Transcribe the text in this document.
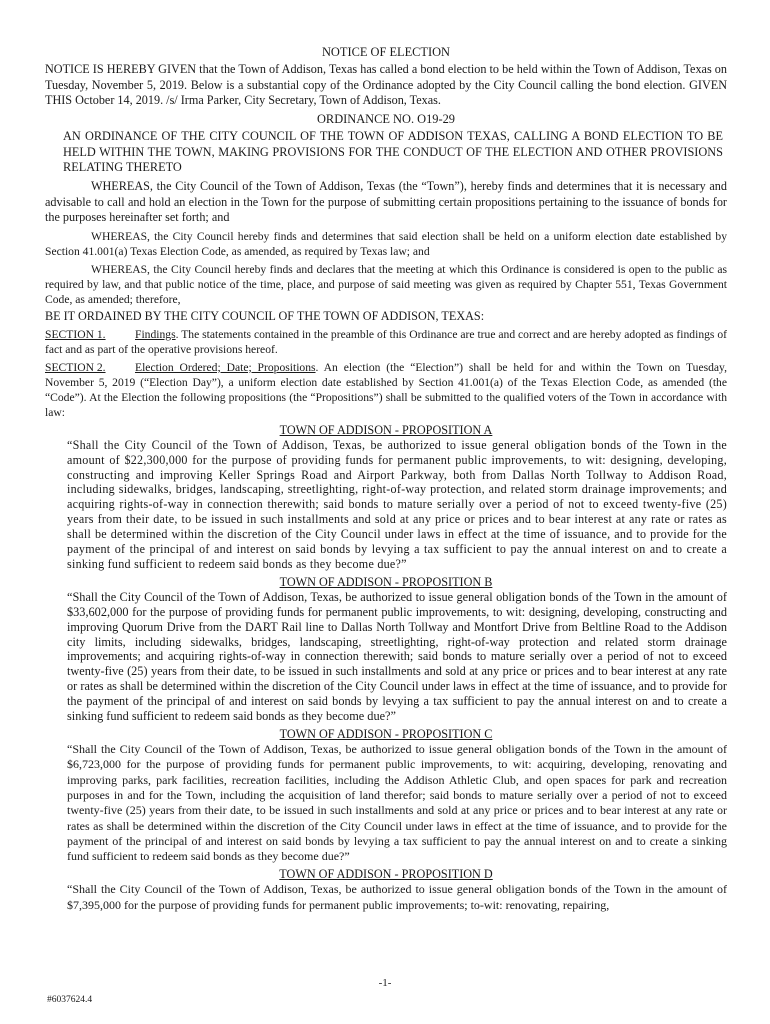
NOTICE OF ELECTION

NOTICE IS HEREBY GIVEN that the Town of Addison, Texas has called a bond election to be held within the Town of Addison, Texas on Tuesday, November 5, 2019. Below is a substantial copy of the Ordinance adopted by the City Council calling the bond election. GIVEN THIS October 14, 2019. /s/ Irma Parker, City Secretary, Town of Addison, Texas.

ORDINANCE NO. O19-29

AN ORDINANCE OF THE CITY COUNCIL OF THE TOWN OF ADDISON TEXAS, CALLING A BOND ELECTION TO BE HELD WITHIN THE TOWN, MAKING PROVISIONS FOR THE CONDUCT OF THE ELECTION AND OTHER PROVISIONS RELATING THERETO

WHEREAS, the City Council of the Town of Addison, Texas (the “Town”), hereby finds and determines that it is necessary and advisable to call and hold an election in the Town for the purpose of submitting certain propositions pertaining to the issuance of bonds for the purposes hereinafter set forth; and

WHEREAS, the City Council hereby finds and determines that said election shall be held on a uniform election date established by Section 41.001(a) Texas Election Code, as amended, as required by Texas law; and

WHEREAS, the City Council hereby finds and declares that the meeting at which this Ordinance is considered is open to the public as required by law, and that public notice of the time, place, and purpose of said meeting was given as required by Chapter 551, Texas Government Code, as amended; therefore,

BE IT ORDAINED BY THE CITY COUNCIL OF THE TOWN OF ADDISON, TEXAS:

SECTION 1.	Findings. The statements contained in the preamble of this Ordinance are true and correct and are hereby adopted as findings of fact and as part of the operative provisions hereof.

SECTION 2.	Election Ordered; Date; Propositions. An election (the “Election”) shall be held for and within the Town on Tuesday, November 5, 2019 (“Election Day”), a uniform election date established by Section 41.001(a) of the Texas Election Code, as amended (the “Code”). At the Election the following propositions (the “Propositions”) shall be submitted to the qualified voters of the Town in accordance with law:

TOWN OF ADDISON - PROPOSITION A

“Shall the City Council of the Town of Addison, Texas, be authorized to issue general obligation bonds of the Town in the amount of $22,300,000 for the purpose of providing funds for permanent public improvements, to wit: designing, developing, constructing and improving Keller Springs Road and Airport Parkway, both from Dallas North Tollway to Addison Road, including sidewalks, bridges, landscaping, streetlighting, right-of-way protection, and related storm drainage improvements; and acquiring rights-of-way in connection therewith; said bonds to mature serially over a period of not to exceed twenty-five (25) years from their date, to be issued in such installments and sold at any price or prices and to bear interest at any rate or rates as shall be determined within the discretion of the City Council under laws in effect at the time of issuance, and to provide for the payment of the principal of and interest on said bonds by levying a tax sufficient to pay the annual interest on and to create a sinking fund sufficient to redeem said bonds as they become due?”

TOWN OF ADDISON - PROPOSITION B

“Shall the City Council of the Town of Addison, Texas, be authorized to issue general obligation bonds of the Town in the amount of $33,602,000 for the purpose of providing funds for permanent public improvements, to wit: designing, developing, constructing and improving Quorum Drive from the DART Rail line to Dallas North Tollway and Montfort Drive from Beltline Road to the Addison city limits, including sidewalks, bridges, landscaping, streetlighting, right-of-way protection and related storm drainage improvements; and acquiring rights-of-way in connection therewith; said bonds to mature serially over a period of not to exceed twenty-five (25) years from their date, to be issued in such installments and sold at any price or prices and to bear interest at any rate or rates as shall be determined within the discretion of the City Council under laws in effect at the time of issuance, and to provide for the payment of the principal of and interest on said bonds by levying a tax sufficient to pay the annual interest on and to create a sinking fund sufficient to redeem said bonds as they become due?”

TOWN OF ADDISON - PROPOSITION C

“Shall the City Council of the Town of Addison, Texas, be authorized to issue general obligation bonds of the Town in the amount of $6,723,000 for the purpose of providing funds for permanent public improvements, to wit: acquiring, developing, renovating and improving parks, park facilities, recreation facilities, including the Addison Athletic Club, and open spaces for park and recreation purposes in and for the Town, including the acquisition of land therefor; said bonds to mature serially over a period of not to exceed twenty-five (25) years from their date, to be issued in such installments and sold at any price or prices and to bear interest at any rate or rates as shall be determined within the discretion of the City Council under laws in effect at the time of issuance, and to provide for the payment of the principal of and interest on said bonds by levying a tax sufficient to pay the annual interest on and to create a sinking fund sufficient to redeem said bonds as they become due?”

TOWN OF ADDISON - PROPOSITION D

“Shall the City Council of the Town of Addison, Texas, be authorized to issue general obligation bonds of the Town in the amount of $7,395,000 for the purpose of providing funds for permanent public improvements; to-wit: renovating, repairing,

-1-
#6037624.4
